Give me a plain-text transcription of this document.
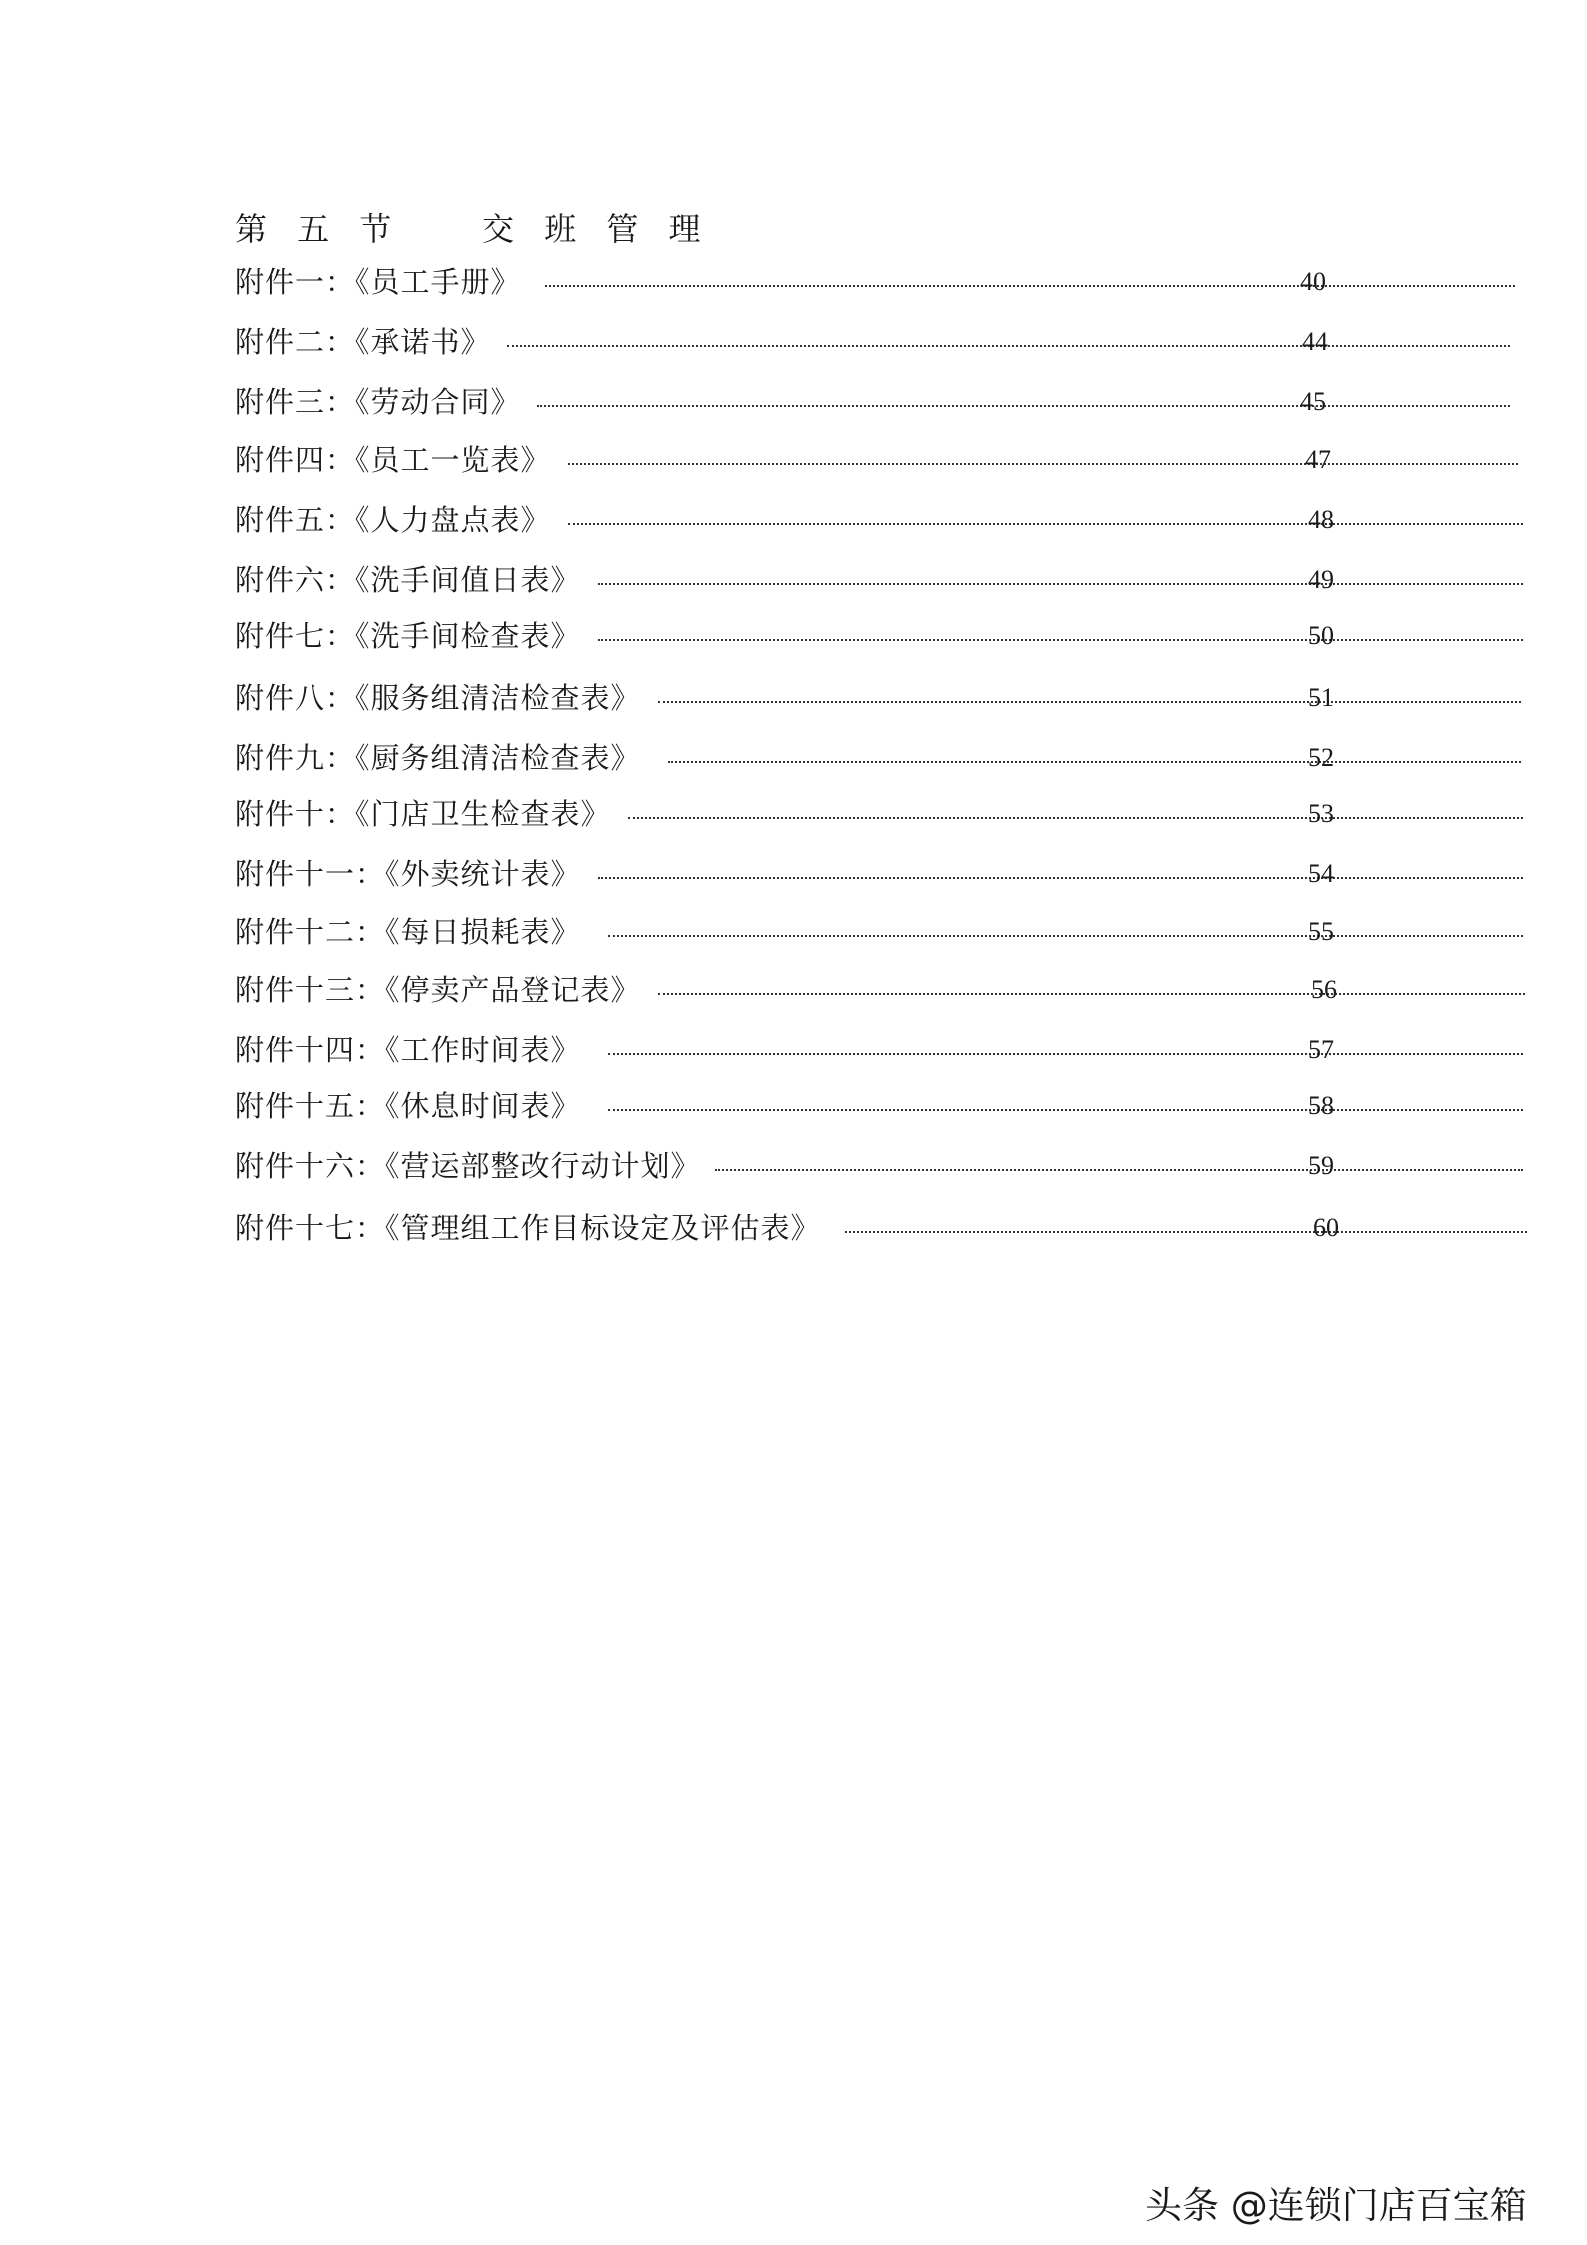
第 五 节    交 班 管 理
附件一：《员工手册》	40
附件二：《承诺书》	44
附件三：《劳动合同》	45
附件四：《员工一览表》	47
附件五：《人力盘点表》	48
附件六：《洗手间值日表》	49
附件七：《洗手间检查表》	50
附件八：《服务组清洁检查表》	51
附件九：《厨务组清洁检查表》	52
附件十：《门店卫生检查表》	53
附件十一：《外卖统计表》	54
附件十二：《每日损耗表》	55
附件十三：《停卖产品登记表》	56
附件十四：《工作时间表》	57
附件十五：《休息时间表》	58
附件十六：《营运部整改行动计划》	59
附件十七：《管理组工作目标设定及评估表》	60
头条 @连锁门店百宝箱
